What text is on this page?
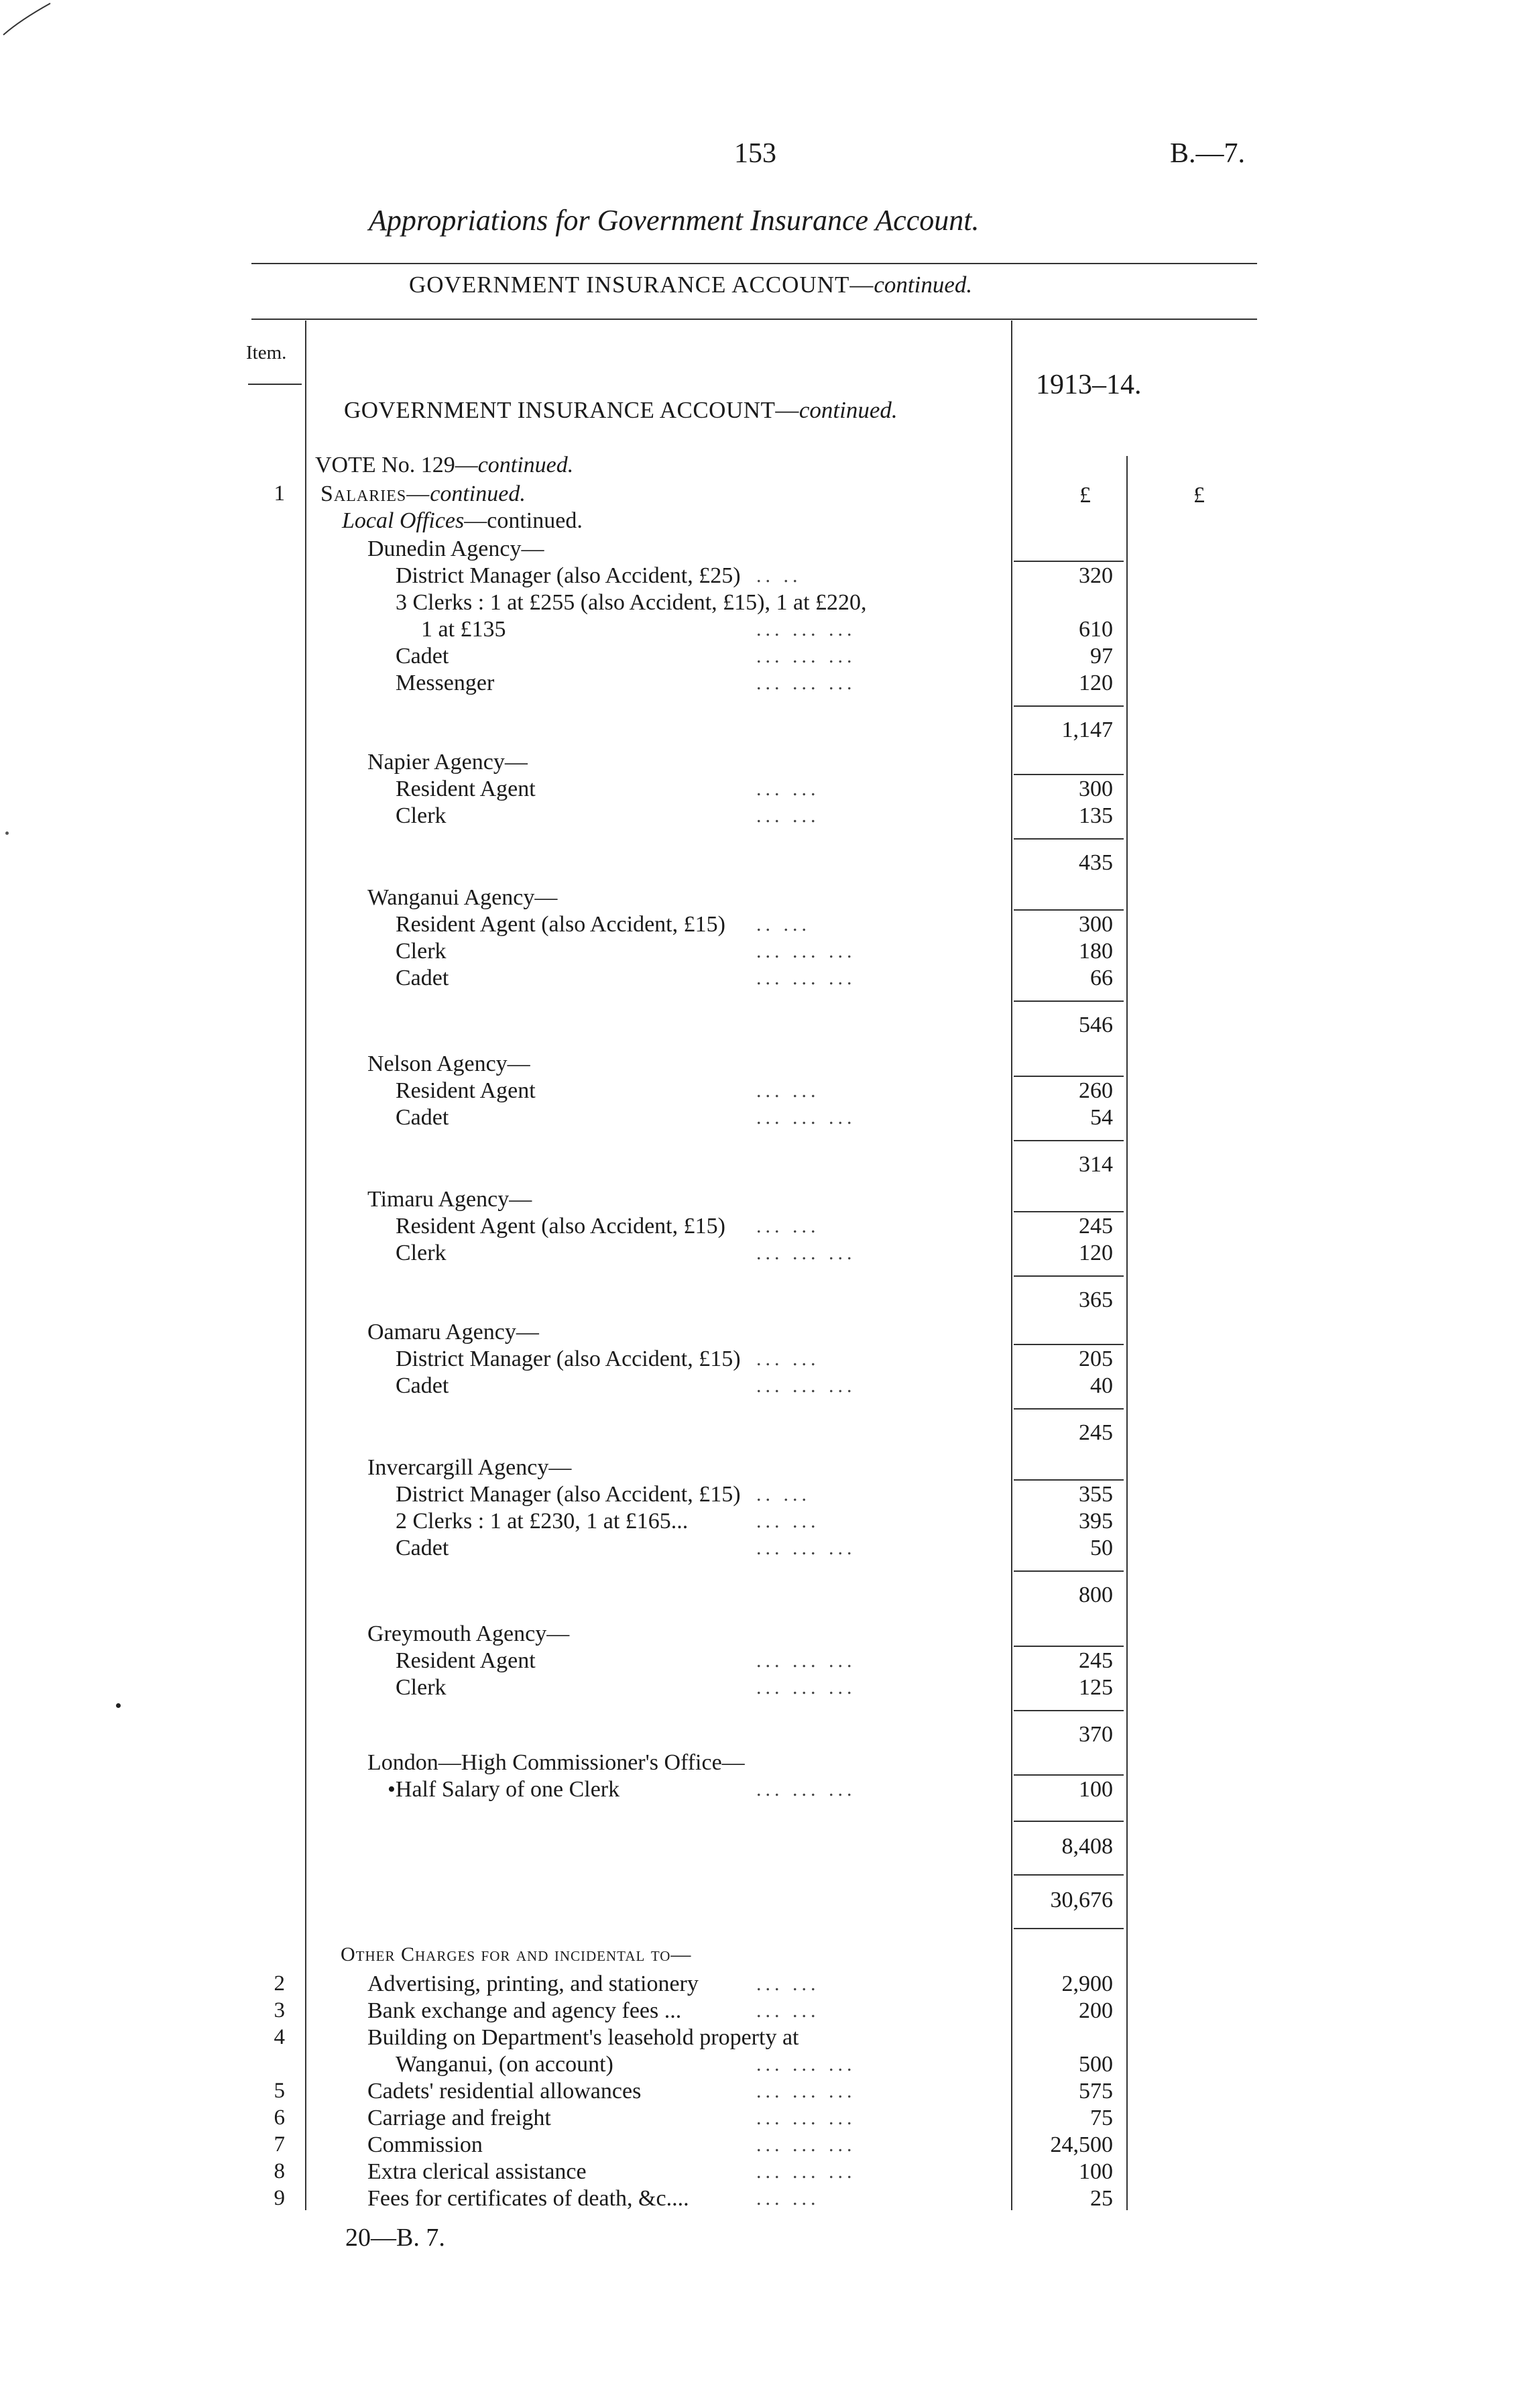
153	B.—7.
Appropriations for Government Insurance Account.
GOVERNMENT INSURANCE ACCOUNT—continued.
Item.
GOVERNMENT INSURANCE ACCOUNT—continued.
1913–14.
£	£
VOTE No. 129—continued.
1 Salaries—continued.
Local Offices—continued.
Dunedin Agency—
District Manager (also Accident, £25) .. ..	320
3 Clerks : 1 at £255 (also Accident, £15), 1 at £220,
1 at £135	... ... ...	610
Cadet	... ... ...	97
Messenger	... ... ...	120
1,147
Napier Agency—
Resident Agent	... ...	300
Clerk	... ...	135
435
Wanganui Agency—
Resident Agent (also Accident, £15) .. ...	300
Clerk	... ... ...	180
Cadet	... ... ...	66
546
Nelson Agency—
Resident Agent	... ...	260
Cadet	... ... ...	54
314
Timaru Agency—
Resident Agent (also Accident, £15) ... ...	245
Clerk	... ... ...	120
365
Oamaru Agency—
District Manager (also Accident, £15) ... ...	205
Cadet	... ... ...	40
245
Invercargill Agency—
District Manager (also Accident, £15) .. ...	355
2 Clerks : 1 at £230, 1 at £165...	... ...	395
Cadet	... ... ...	50
800
Greymouth Agency—
Resident Agent	... ... ...	245
Clerk	... ... ...	125
370
London—High Commissioner's Office—
•Half Salary of one Clerk	... ... ...	100
8,408
30,676
Other Charges for and incidental to—
2	Advertising, printing, and stationery	... ...	2,900
3	Bank exchange and agency fees ...	... ...	200
4	Building on Department's leasehold property at
Wanganui, (on account)	... ... ...	500
5	Cadets' residential allowances	... ... ...	575
6	Carriage and freight	... ... ...	75
7	Commission	... ... ...	24,500
8	Extra clerical assistance	... ... ...	100
9	Fees for certificates of death, &c....	... ...	25
20—B. 7.
